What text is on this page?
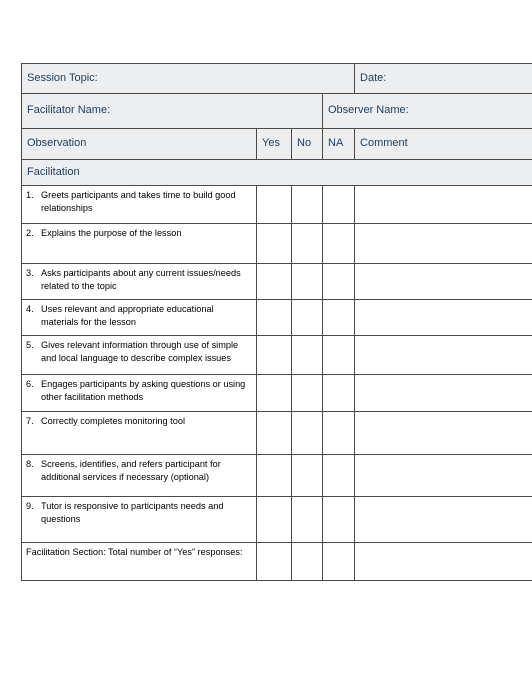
Session Topic:				Date:

Facilitator Name:			Observer Name:	

Observation	Yes	No	NA	Comment

Facilitation				

1. Greets participants and takes time to build good relationships				

2. Explains the purpose of the lesson				

3. Asks participants about any current issues/needs related to the topic				

4. Uses relevant and appropriate educational materials for the lesson				

5. Gives relevant information through use of simple and local language to describe complex issues				

6. Engages participants by asking questions or using other facilitation methods				

7. Correctly completes monitoring tool				

8. Screens, identifies, and refers participant for additional services if necessary (optional)				

9. Tutor is responsive to participants needs and questions				

Facilitation Section: Total number of “Yes” responses:				
